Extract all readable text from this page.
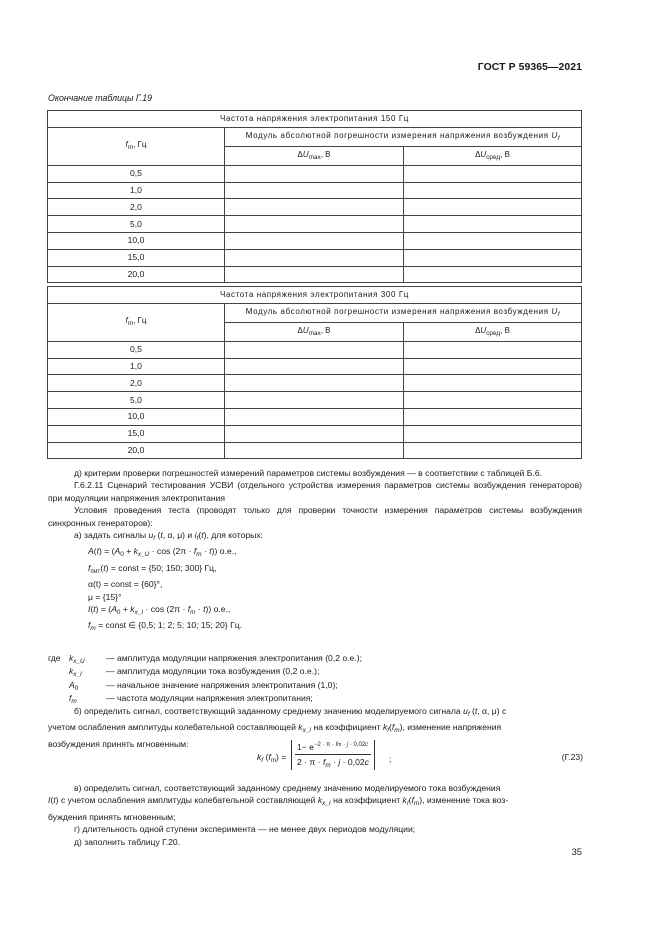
ГОСТ Р 59365—2021
Окончание таблицы Г.19
Частота напряжения электропитания 150 Гц		
$f_m$, Гц	Модуль абсолютной погрешности измерения напряжения возбуждения $U_f$
	$\Delta U_{max}$, В	$\Delta U_{сред}$, В
0,5		
1,0		
2,0		
5,0		
10,0		
15,0		
20,0		
Частота напряжения электропитания 300 Гц		
$f_m$, Гц	Модуль абсолютной погрешности измерения напряжения возбуждения $U_f$
	$\Delta U_{max}$, В	$\Delta U_{сред}$, В
0,5		
1,0		
2,0		
5,0		
10,0		
15,0		
20,0		

д) критерии проверки погрешностей измерений параметров системы возбуждения — в соответствии с таблицей Б.6.

Г.6.2.11 Сценарий тестирования УСВИ (отдельного устройства измерения параметров системы возбуждения генераторов) при модуляции напряжения электропитания

Условия проведения теста (проводят только для проверки точности измерения параметров системы возбуждения синхронных генераторов):

а) задать сигналы $u_f$ (t, α, μ) и $i_f(t)$, для которых:

$A(t) = (A_0 + k_{x\_U} \cdot \cos (2\pi \cdot f_m \cdot t))$ o.e.,

$f_{пит}(t)$ = const = {50; 150; 300} Гц,

α(t) = const = {60}°,

μ = {15}°

$I(t) = (A_0 + k_{x\_I} \cdot \cos (2\pi \cdot f_m \cdot t))$ o.e.,

$f_m$ = const ∈ {0,5; 1; 2; 5; 10; 15; 20} Гц.

где $k_{x\_U}$ — амплитуда модуляции напряжения электропитания (0,2 o.e.);
$k_{x\_I}$	— амплитуда модуляции тока возбуждения (0,2 o.e.);
$A_0$	— начальное значение напряжения электропитания (1,0);
$f_m$	— частота модуляции напряжения электропитания;

б) определить сигнал, соответствующий заданному среднему значению моделируемого сигнала $u_f$ (t, α, μ) с

учетом ослабления амплитуды колебательной составляющей $k_{x\_I}$ на коэффициент $k_f(f_m)$, изменение напряжения

возбуждения принять мгновенным:

$k_f$ $(f_m) = \frac{1- e^{-2 \cdot \pi \cdot fm \cdot j \cdot 0,02c}}{2 \cdot \pi \cdot f_m \cdot j \cdot 0,02c}$ ;	(Г.23)

в) определить сигнал, соответствующий заданному среднему значению моделируемого тока возбуждения

I(t) с учетом ослабления амплитуды колебательной составляющей $k_{x\_I}$ на коэффициент $k_I(f_m)$, изменение тока воз-

буждения принять мгновенным;

г) длительность одной ступени эксперимента — не менее двух периодов модуляции;

д) заполнить таблицу Г.20.

35
